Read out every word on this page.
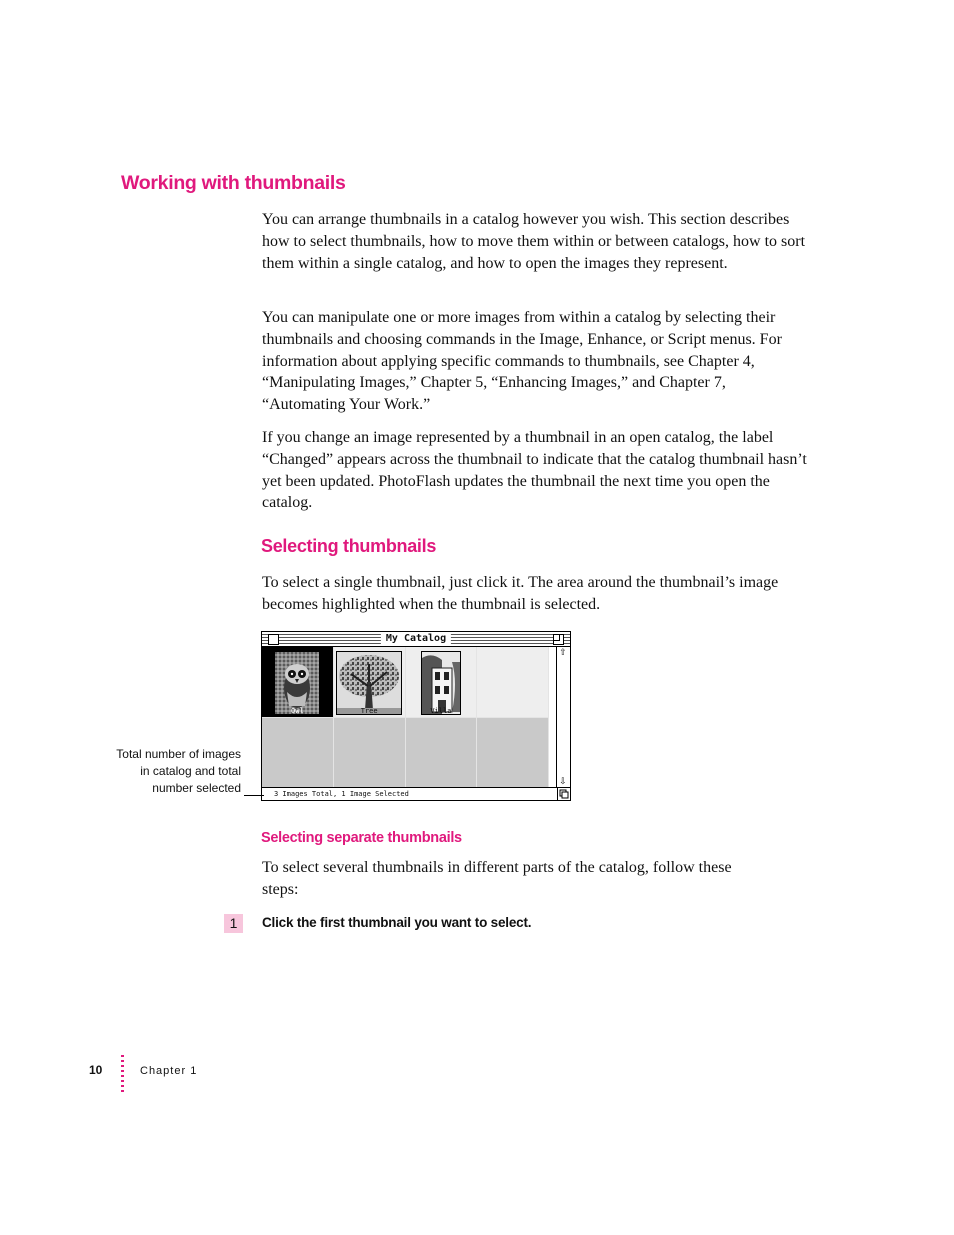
Working with thumbnails

You can arrange thumbnails in a catalog however you wish. This section describes how to select thumbnails, how to move them within or between catalogs, how to sort them within a single catalog, and how to open the images they represent.

You can manipulate one or more images from within a catalog by selecting their thumbnails and choosing commands in the Image, Enhance, or Script menus. For information about applying specific commands to thumbnails, see Chapter 4, “Manipulating Images,” Chapter 5, “Enhancing Images,” and Chapter 7, “Automating Your Work.”

If you change an image represented by a thumbnail in an open catalog, the label “Changed” appears across the thumbnail to indicate that the catalog thumbnail hasn’t yet been updated. PhotoFlash updates the thumbnail the next time you open the catalog.

Selecting thumbnails

To select a single thumbnail, just click it. The area around the thumbnail’s image becomes highlighted when the thumbnail is selected.

My Catalog
Owl	Tree	Villa
⇧
⇩
3 Images Total, 1 Image Selected
Total number of images in catalog and total number selected
Selecting separate thumbnails

To select several thumbnails in different parts of the catalog, follow these steps:

1	Click the first thumbnail you want to select.
10	Chapter 1
